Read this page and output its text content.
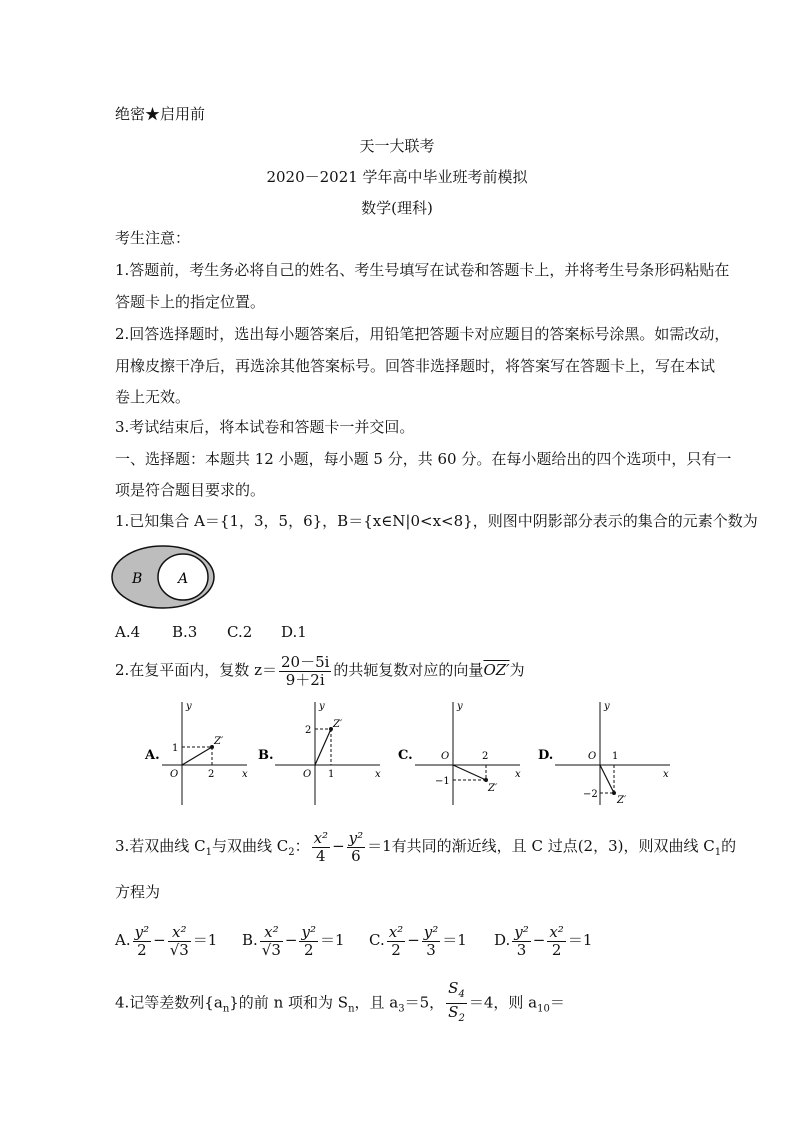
绝密★启用前
天一大联考
2020－2021 学年高中毕业班考前模拟
数学(理科)
考生注意：
1.答题前，考生务必将自己的姓名、考生号填写在试卷和答题卡上，并将考生号条形码粘贴在
答题卡上的指定位置。
2.回答选择题时，选出每小题答案后，用铅笔把答题卡对应题目的答案标号涂黑。如需改动，
用橡皮擦干净后，再选涂其他答案标号。回答非选择题时，将答案写在答题卡上，写在本试
卷上无效。
3.考试结束后，将本试卷和答题卡一并交回。
一、选择题：本题共 12 小题，每小题 5 分，共 60 分。在每小题给出的四个选项中，只有一
项是符合题目要求的。
1.已知集合 A＝{1，3，5，6}，B＝{x∈N|0<x<8}，则图中阴影部分表示的集合的元素个数为
B	A
A.4 B.3 C.2 D.1
2.在复平面内，复数 $z= \frac{20-5i}{9+2i}$ 的共轭复数对应的向量OZ′为
A.
x
y
O
Z′
2
1	B.
x
y
O
Z′
1
2
C.
x
y
O
Z′
2
−1
D.
x
y
O
Z′
1
−2
3.若双曲线 $C_1$与双曲线 $C_2$： $\frac{\text{x²}}{4} - \frac{\text{y²}}{6} =1$有共同的渐近线，且 C 过点(2，3)，则双曲线 $C_1$的
方程为
A. $\frac{\text{y²}}{2} - \frac{\text{x²}}{√3} =1$ B. $\frac{\text{x²}}{√3} - \frac{\text{y²}}{2} =1$ C. $\frac{\text{x²}}{2} - \frac{\text{y²}}{3} =1$ D. $\frac{\text{y²}}{3} - \frac{\text{x²}}{2} =1$
4.记等差数列$\{a_n\}$的前 n 项和为 $S_n$，且 $a_3=5$， $\frac{S_4}{S_2} =4$，则 $a_{10}=$
